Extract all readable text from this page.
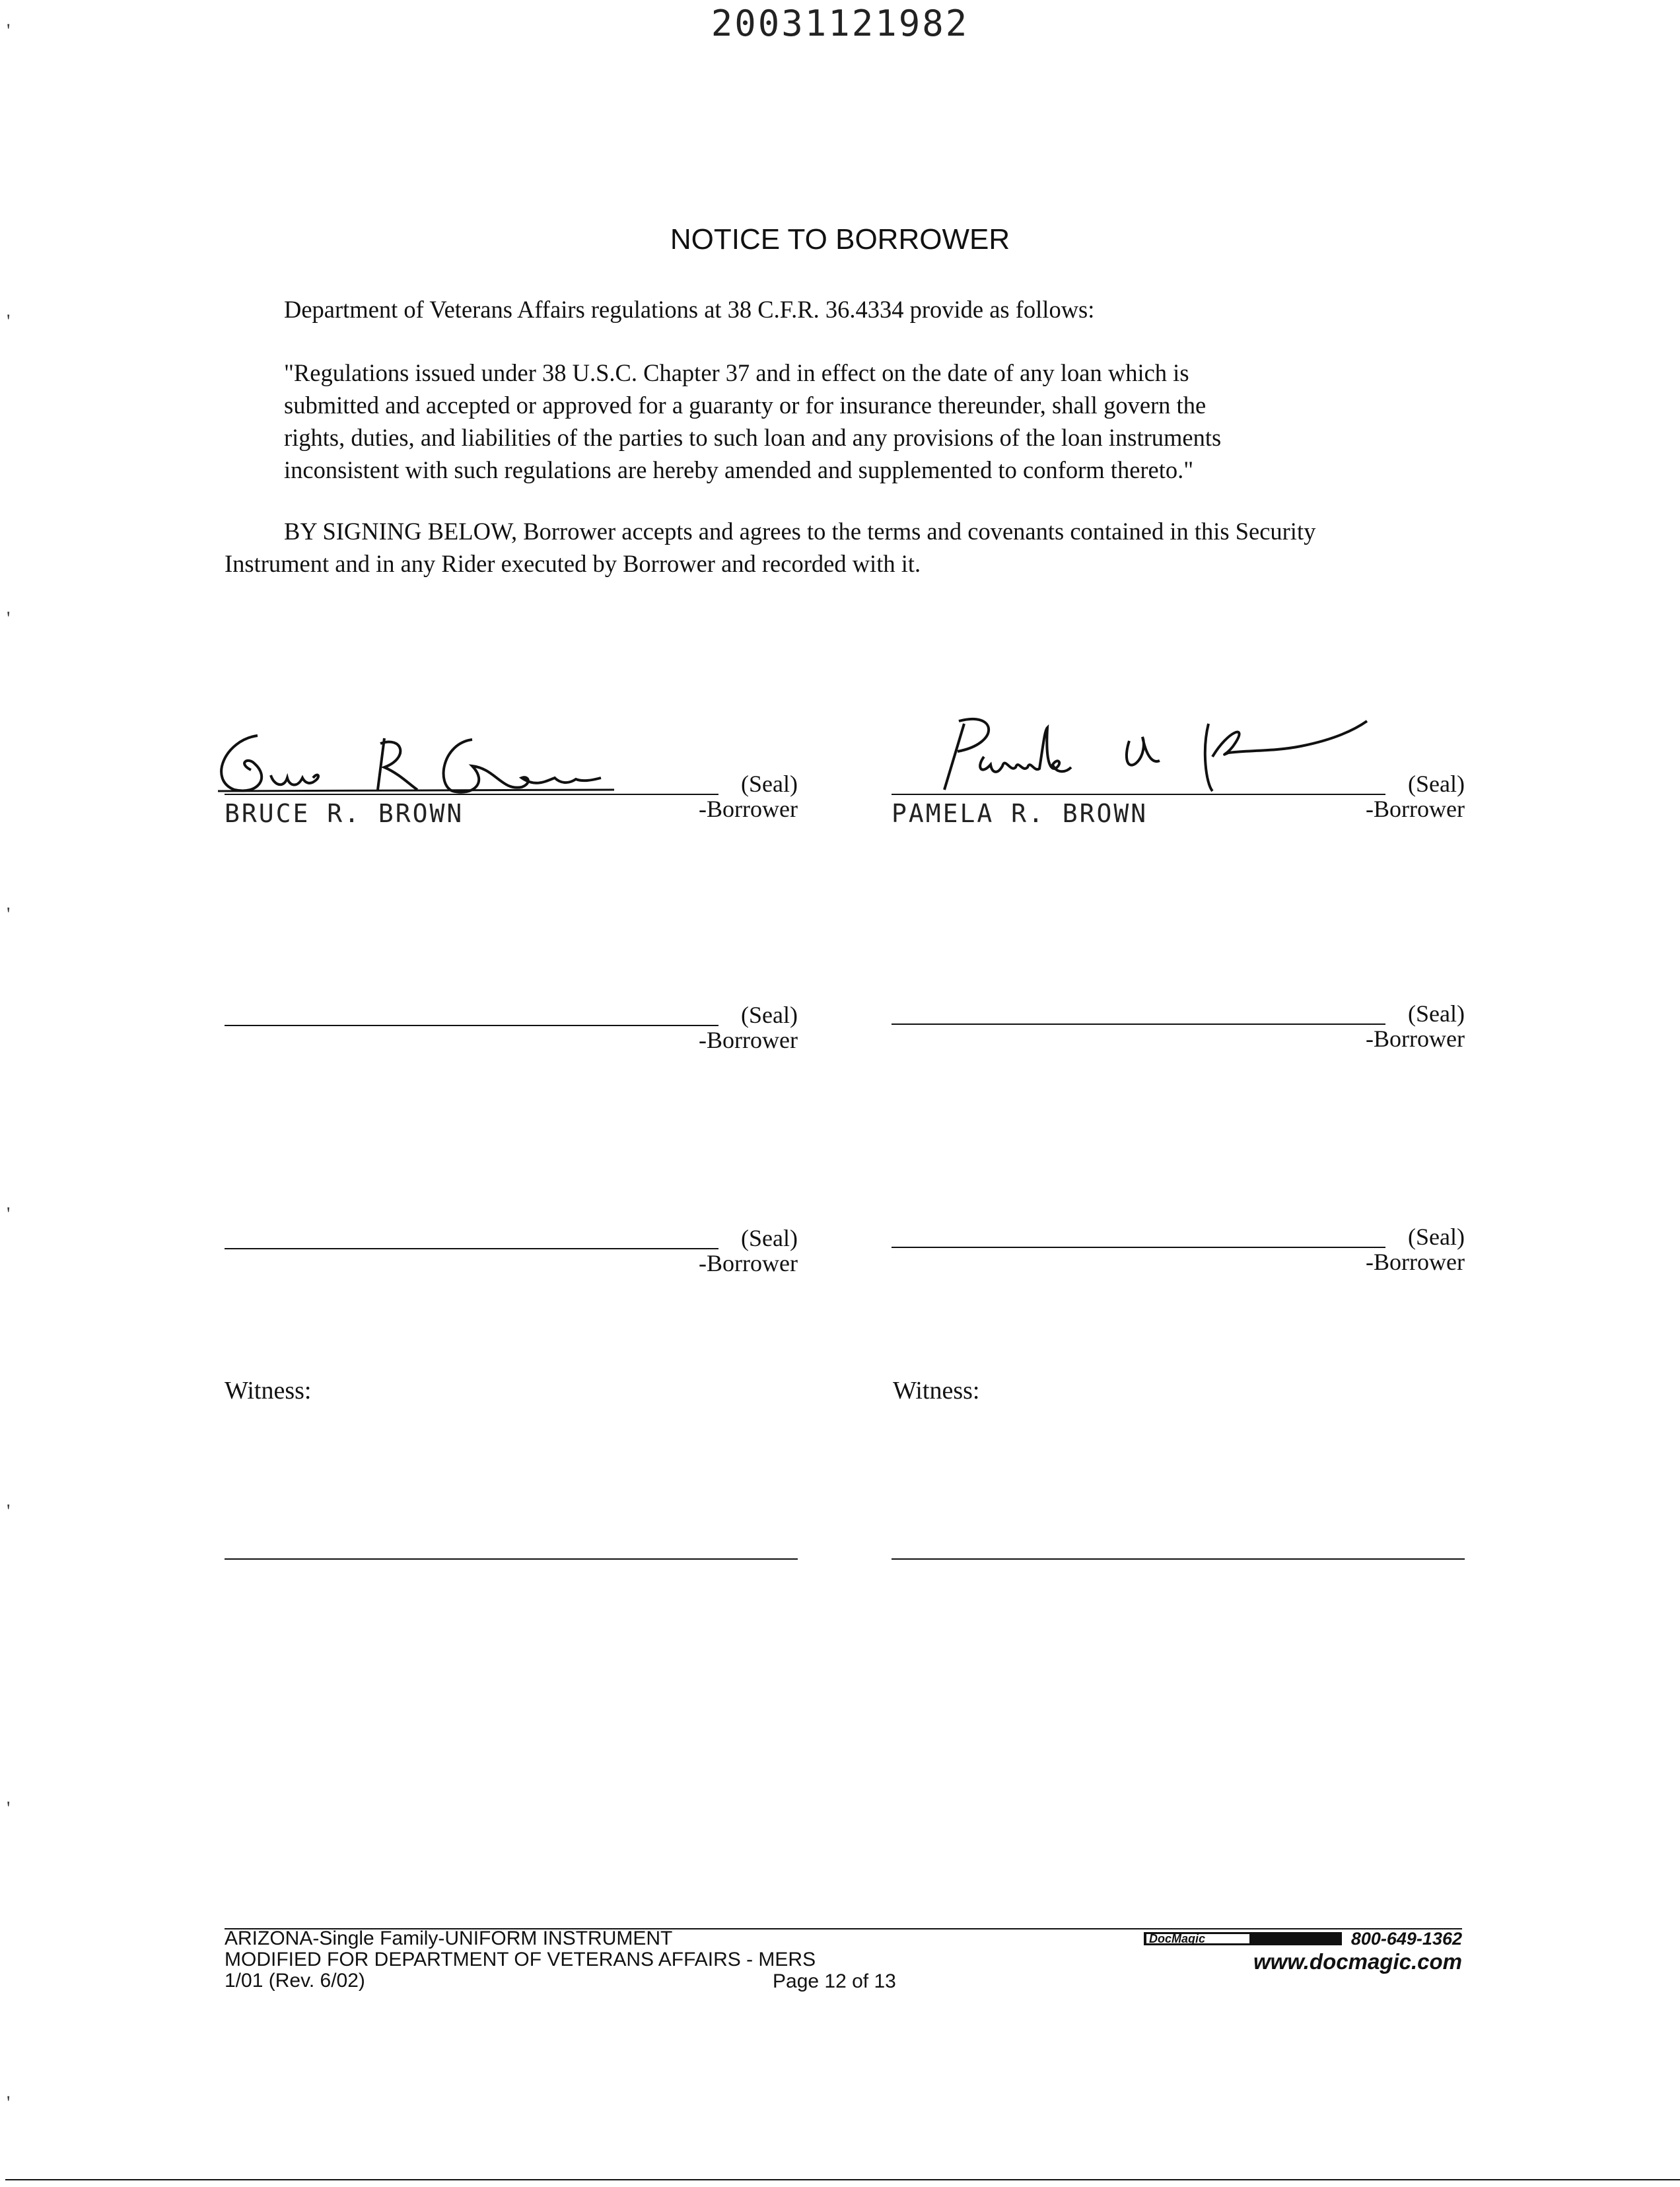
20031121982
NOTICE TO BORROWER
Department of Veterans Affairs regulations at 38 C.F.R. 36.4334 provide as follows:
"Regulations issued under 38 U.S.C. Chapter 37 and in effect on the date of any loan which is
submitted and accepted or approved for a guaranty or for insurance thereunder, shall govern the
rights, duties, and liabilities of the parties to such loan and any provisions of the loan instruments
inconsistent with such regulations are hereby amended and supplemented to conform thereto."
BY SIGNING BELOW, Borrower accepts and agrees to the terms and covenants contained in this Security
Instrument and in any Rider executed by Borrower and recorded with it.
(Seal)
-Borrower
BRUCE R. BROWN
(Seal)
-Borrower
PAMELA R. BROWN
(Seal)
-Borrower
(Seal)
-Borrower
(Seal)
-Borrower
(Seal)
-Borrower
Witness:	Witness:
ARIZONA-Single Family-UNIFORM INSTRUMENT
MODIFIED FOR DEPARTMENT OF VETERANS AFFAIRS - MERS
1/01 (Rev. 6/02)	Page 12 of 13
DocMagic	800-649-1362
www.docmagic.com
'
'
'
'
'
'
'
'
